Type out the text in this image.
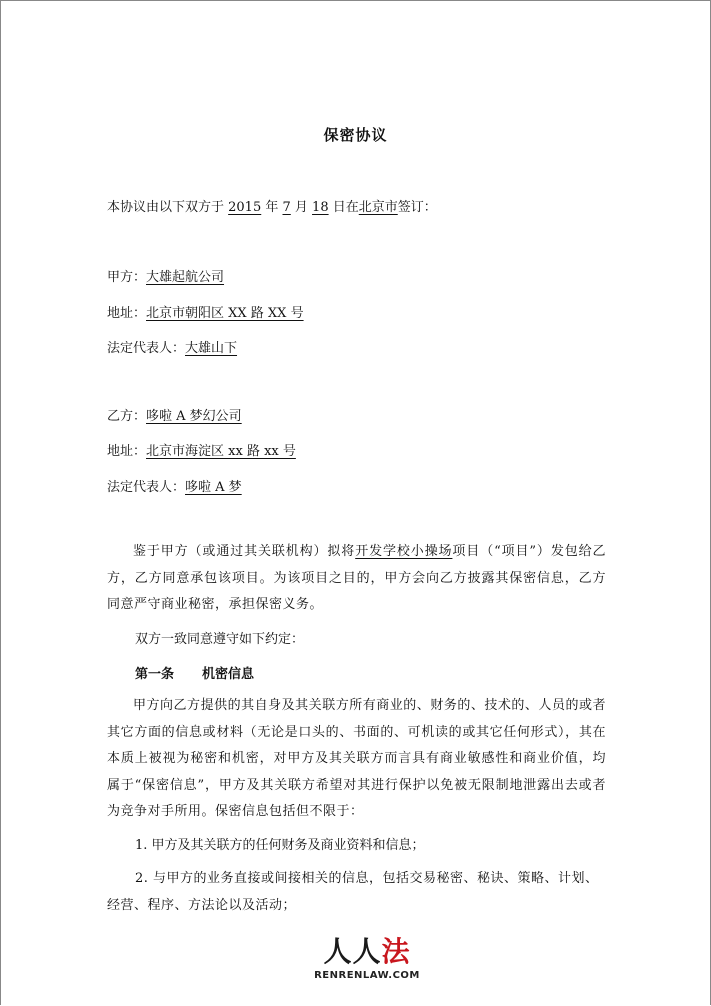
保密协议
本协议由以下双方于 2015 年 7 月 18 日在北京市签订：
甲方：大雄起航公司
地址：北京市朝阳区 XX 路 XX 号
法定代表人：大雄山下
乙方：哆啦 A 梦幻公司
地址：北京市海淀区 xx 路 xx 号
法定代表人：哆啦 A 梦
鉴于甲方（或通过其关联机构）拟将开发学校小操场项目（“项目”）发包给乙方，乙方同意承包该项目。为该项目之目的，甲方会向乙方披露其保密信息，乙方同意严守商业秘密，承担保密义务。
双方一致同意遵守如下约定：
第一条 机密信息
甲方向乙方提供的其自身及其关联方所有商业的、财务的、技术的、人员的或者其它方面的信息或材料（无论是口头的、书面的、可机读的或其它任何形式），其在本质上被视为秘密和机密，对甲方及其关联方而言具有商业敏感性和商业价值，均属于“保密信息”，甲方及其关联方希望对其进行保护以免被无限制地泄露出去或者为竞争对手所用。保密信息包括但不限于：
1. 甲方及其关联方的任何财务及商业资料和信息；
2. 与甲方的业务直接或间接相关的信息，包括交易秘密、秘诀、策略、计划、经营、程序、方法论以及活动；
人人法
RENRENLAW.COM
